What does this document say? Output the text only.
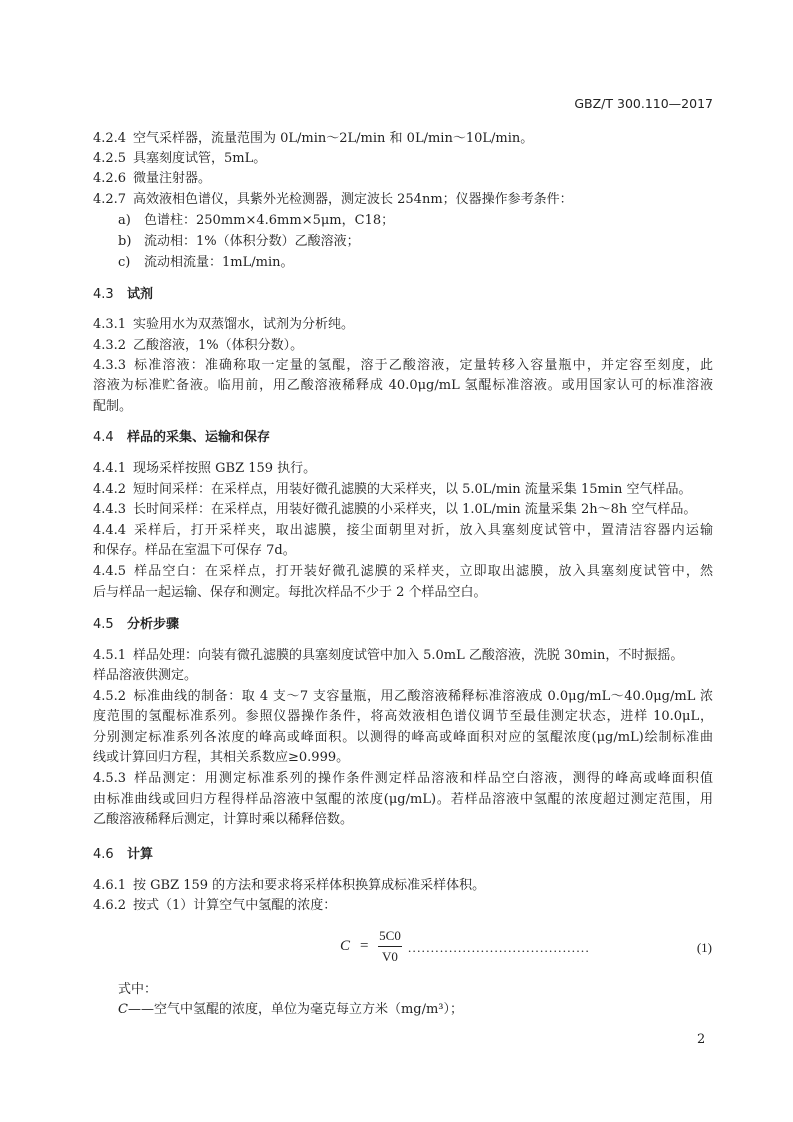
GBZ/T 300.110—2017
4.2.4 空气采样器，流量范围为 0L/min～2L/min 和 0L/min～10L/min。
4.2.5 具塞刻度试管，5mL。
4.2.6 微量注射器。
4.2.7 高效液相色谱仪，具紫外光检测器，测定波长 254nm；仪器操作参考条件：
a) 色谱柱：250mm×4.6mm×5μm，C18；
b) 流动相：1%（体积分数）乙酸溶液；
c) 流动相流量：1mL/min。
4.3 试剂
4.3.1 实验用水为双蒸馏水，试剂为分析纯。
4.3.2 乙酸溶液，1%（体积分数）。
4.3.3 标准溶液：准确称取一定量的氢醌，溶于乙酸溶液，定量转移入容量瓶中，并定容至刻度，此
溶液为标准贮备液。临用前，用乙酸溶液稀释成 40.0μg/mL 氢醌标准溶液。或用国家认可的标准溶液
配制。
4.4 样品的采集、运输和保存
4.4.1 现场采样按照 GBZ 159 执行。
4.4.2 短时间采样：在采样点，用装好微孔滤膜的大采样夹，以 5.0L/min 流量采集 15min 空气样品。
4.4.3 长时间采样：在采样点，用装好微孔滤膜的小采样夹，以 1.0L/min 流量采集 2h～8h 空气样品。
4.4.4 采样后，打开采样夹，取出滤膜，接尘面朝里对折，放入具塞刻度试管中，置清洁容器内运输
和保存。样品在室温下可保存 7d。
4.4.5 样品空白：在采样点，打开装好微孔滤膜的采样夹，立即取出滤膜，放入具塞刻度试管中，然
后与样品一起运输、保存和测定。每批次样品不少于 2 个样品空白。
4.5 分析步骤
4.5.1 样品处理：向装有微孔滤膜的具塞刻度试管中加入 5.0mL 乙酸溶液，洗脱 30min，不时振摇。
样品溶液供测定。
4.5.2 标准曲线的制备：取 4 支～7 支容量瓶，用乙酸溶液稀释标准溶液成 0.0μg/mL～40.0μg/mL 浓
度范围的氢醌标准系列。参照仪器操作条件，将高效液相色谱仪调节至最佳测定状态，进样 10.0μL，
分别测定标准系列各浓度的峰高或峰面积。以测得的峰高或峰面积对应的氢醌浓度(μg/mL)绘制标准曲
线或计算回归方程，其相关系数应≥0.999。
4.5.3 样品测定：用测定标准系列的操作条件测定样品溶液和样品空白溶液，测得的峰高或峰面积值
由标准曲线或回归方程得样品溶液中氢醌的浓度(μg/mL)。若样品溶液中氢醌的浓度超过测定范围，用
乙酸溶液稀释后测定，计算时乘以稀释倍数。
4.6 计算
4.6.1 按 GBZ 159 的方法和要求将采样体积换算成标准采样体积。
4.6.2 按式（1）计算空气中氢醌的浓度：
C =
5C0
V0
........................................	(1)
式中：
C——空气中氢醌的浓度，单位为毫克每立方米（mg/m³）；
2
